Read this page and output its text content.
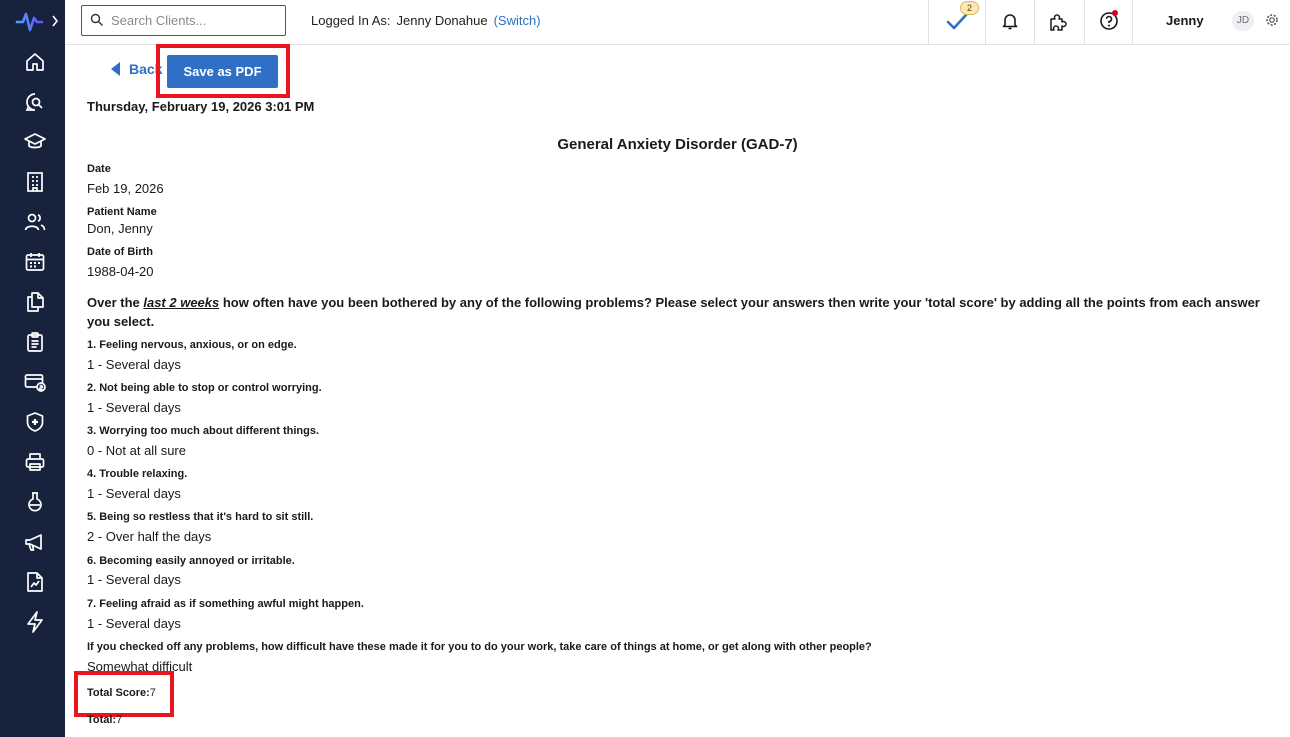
Search Clients...
Logged In As: Jenny Donahue (Switch)
2
Jenny	JD
Back	Save as PDF
Thursday, February 19, 2026 3:01 PM
General Anxiety Disorder (GAD-7)
Date
Feb 19, 2026
Patient Name
Don, Jenny
Date of Birth
1988-04-20
Over the last 2 weeks how often have you been bothered by any of the following problems? Please select your answers then write your 'total score' by adding all the points from each answer you select.
1. Feeling nervous, anxious, or on edge.
1 - Several days
2. Not being able to stop or control worrying.
1 - Several days
3. Worrying too much about different things.
0 - Not at all sure
4. Trouble relaxing.
1 - Several days
5. Being so restless that it's hard to sit still.
2 - Over half the days
6. Becoming easily annoyed or irritable.
1 - Several days
7. Feeling afraid as if something awful might happen.
1 - Several days
If you checked off any problems, how difficult have these made it for you to do your work, take care of things at home, or get along with other people?
Somewhat difficult
Total Score:7
Total:7
